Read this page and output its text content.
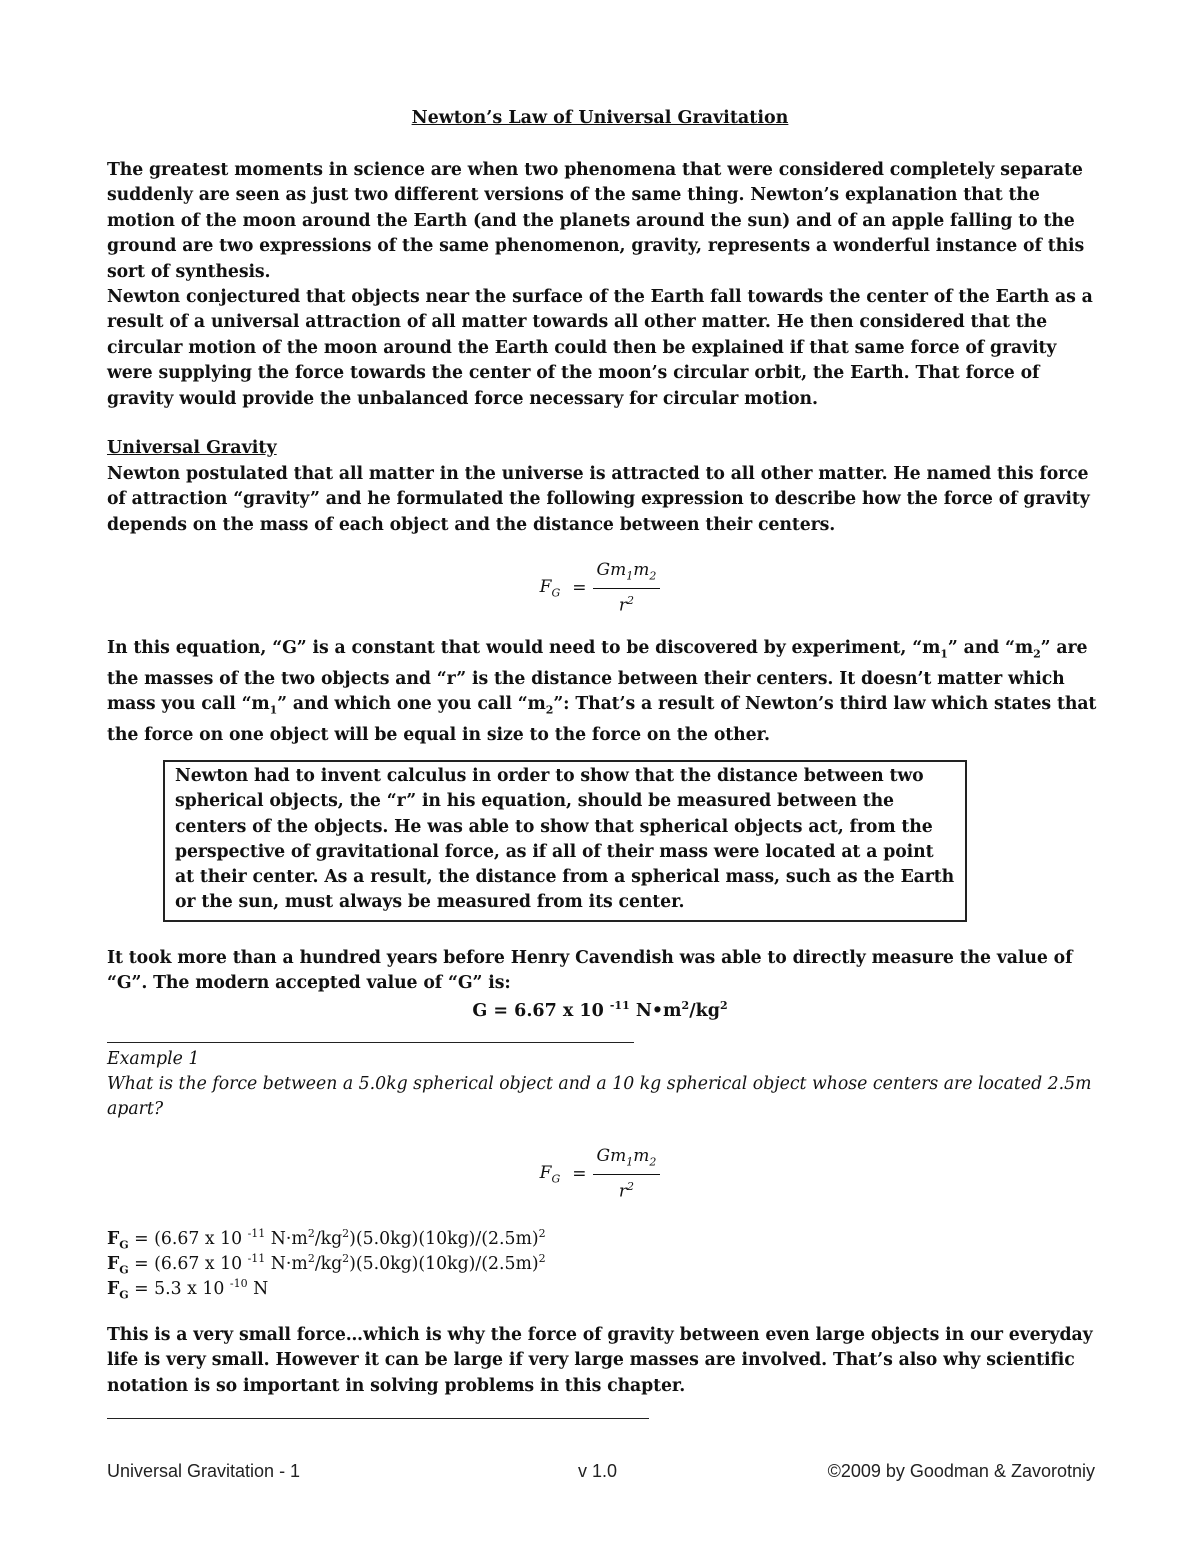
Newton’s Law of Universal Gravitation
The greatest moments in science are when two phenomena that were considered completely separate suddenly are seen as just two different versions of the same thing. Newton’s explanation that the motion of the moon around the Earth (and the planets around the sun) and of an apple falling to the ground are two expressions of the same phenomenon, gravity, represents a wonderful instance of this sort of synthesis.
Newton conjectured that objects near the surface of the Earth fall towards the center of the Earth as a result of a universal attraction of all matter towards all other matter. He then considered that the circular motion of the moon around the Earth could then be explained if that same force of gravity were supplying the force towards the center of the moon’s circular orbit, the Earth. That force of gravity would provide the unbalanced force necessary for circular motion.
Universal Gravity
Newton postulated that all matter in the universe is attracted to all other matter. He named this force of attraction “gravity” and he formulated the following expression to describe how the force of gravity depends on the mass of each object and the distance between their centers.
$F_G = \frac{Gm_1m_2}{r^2}$
In this equation, “G” is a constant that would need to be discovered by experiment, “$m_1$” and “$m_2$” are the masses of the two objects and “r” is the distance between their centers. It doesn’t matter which mass you call “$m_1$” and which one you call “$m_2$”: That’s a result of Newton’s third law which states that the force on one object will be equal in size to the force on the other.
Newton had to invent calculus in order to show that the distance between two spherical objects, the “r” in his equation, should be measured between the centers of the objects. He was able to show that spherical objects act, from the perspective of gravitational force, as if all of their mass were located at a point at their center. As a result, the distance from a spherical mass, such as the Earth or the sun, must always be measured from its center.
It took more than a hundred years before Henry Cavendish was able to directly measure the value of “G”. The modern accepted value of “G” is:
G = 6.67 x 10 $^{-11}$ $N•m^2/kg^2$
Example 1
What is the force between a 5.0kg spherical object and a 10 kg spherical object whose centers are located 2.5m apart?
$F_G = \frac{Gm_1m_2}{r^2}$
$F_G = (6.67$ x 10 $^{-11}$ $N\cdot m^2/kg^2)(5.0kg)(10kg)/(2.5m)^2$
$F_G = (6.67$ x 10 $^{-11}$ $N\cdot m^2/kg^2)(5.0kg)(10kg)/(2.5m)^2$
$F_G = 5.3$ x 10 $^{-10}$ N
This is a very small force…which is why the force of gravity between even large objects in our everyday life is very small. However it can be large if very large masses are involved. That’s also why scientific notation is so important in solving problems in this chapter.
Universal Gravitation - 1	v 1.0	©2009 by Goodman & Zavorotniy
